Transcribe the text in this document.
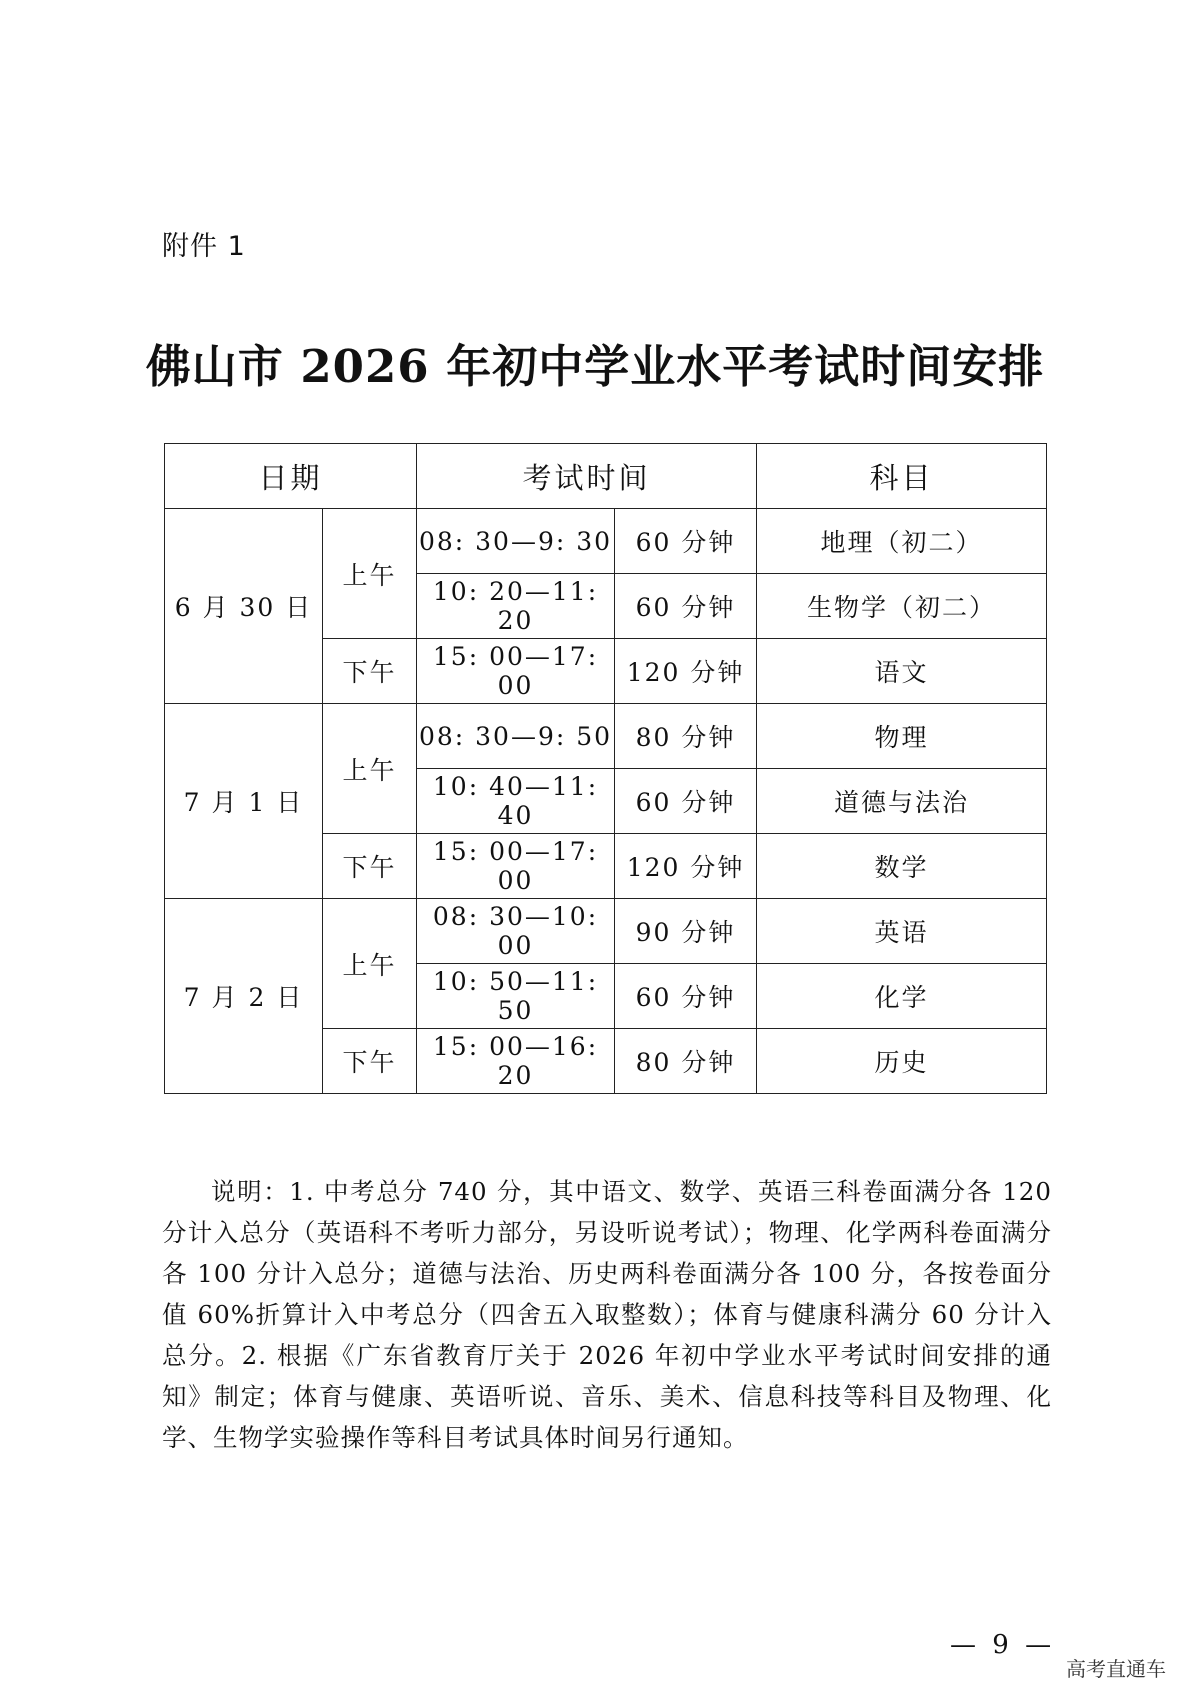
附件 1
佛山市 2026 年初中学业水平考试时间安排
日期		考试时间		科目
6 月 30 日	上午	08: 30—9: 30	60 分钟	地理（初二）
		10: 20—11: 20	60 分钟	生物学（初二）
	下午	15: 00—17: 00	120 分钟	语文
7 月 1 日	上午	08: 30—9: 50	80 分钟	物理
		10: 40—11: 40	60 分钟	道德与法治
	下午	15: 00—17: 00	120 分钟	数学
7 月 2 日	上午	08: 30—10: 00	90 分钟	英语
		10: 50—11: 50	60 分钟	化学
	下午	15: 00—16: 20	80 分钟	历史

说明：1. 中考总分 740 分，其中语文、数学、英语三科卷面满分各 120 分计入总分（英语科不考听力部分，另设听说考试）；物理、化学两科卷面满分各 100 分计入总分；道德与法治、历史两科卷面满分各 100 分，各按卷面分值 60%折算计入中考总分（四舍五入取整数）；体育与健康科满分 60 分计入总分。2. 根据《广东省教育厅关于 2026 年初中学业水平考试时间安排的通知》制定；体育与健康、英语听说、音乐、美术、信息科技等科目及物理、化学、生物学实验操作等科目考试具体时间另行通知。

— 9 —
高考直通车
